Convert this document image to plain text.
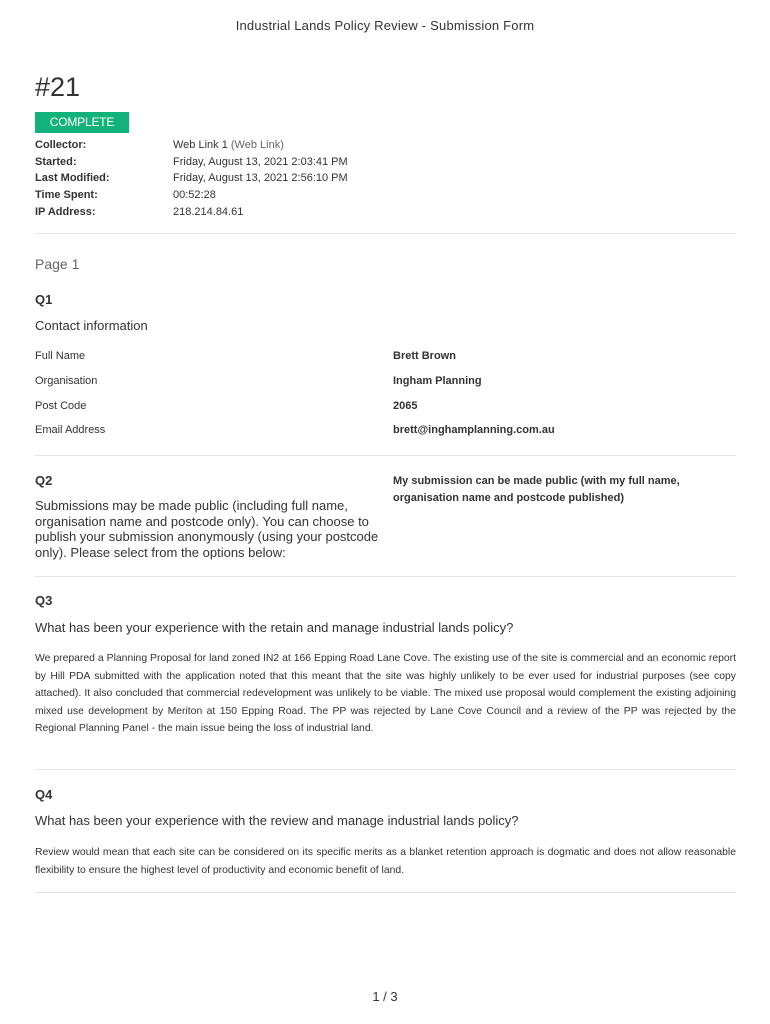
Industrial Lands Policy Review - Submission Form
#21
COMPLETE
Collector:	Web Link 1 (Web Link)
Started:	Friday, August 13, 2021 2:03:41 PM
Last Modified:	Friday, August 13, 2021 2:56:10 PM
Time Spent:	00:52:28
IP Address:	218.214.84.61
Page 1
Q1
Contact information
Full Name	Brett Brown
Organisation	Ingham Planning
Post Code	2065
Email Address	brett@inghamplanning.com.au
Q2
Submissions may be made public (including full name, organisation name and postcode only). You can choose to publish your submission anonymously (using your postcode only). Please select from the options below:
My submission can be made public (with my full name, organisation name and postcode published)
Q3
What has been your experience with the retain and manage industrial lands policy?
We prepared a Planning Proposal for land zoned IN2 at 166 Epping Road Lane Cove. The existing use of the site is commercial and an economic report by Hill PDA submitted with the application noted that this meant that the site was highly unlikely to be ever used for industrial purposes (see copy attached). It also concluded that commercial redevelopment was unlikely to be viable. The mixed use proposal would complement the existing adjoining mixed use development by Meriton at 150 Epping Road. The PP was rejected by Lane Cove Council and a review of the PP was rejected by the Regional Planning Panel - the main issue being the loss of industrial land.
Q4
What has been your experience with the review and manage industrial lands policy?
Review would mean that each site can be considered on its specific merits as a blanket retention approach is dogmatic and does not allow reasonable flexibility to ensure the highest level of productivity and economic benefit of land.
1 / 3
